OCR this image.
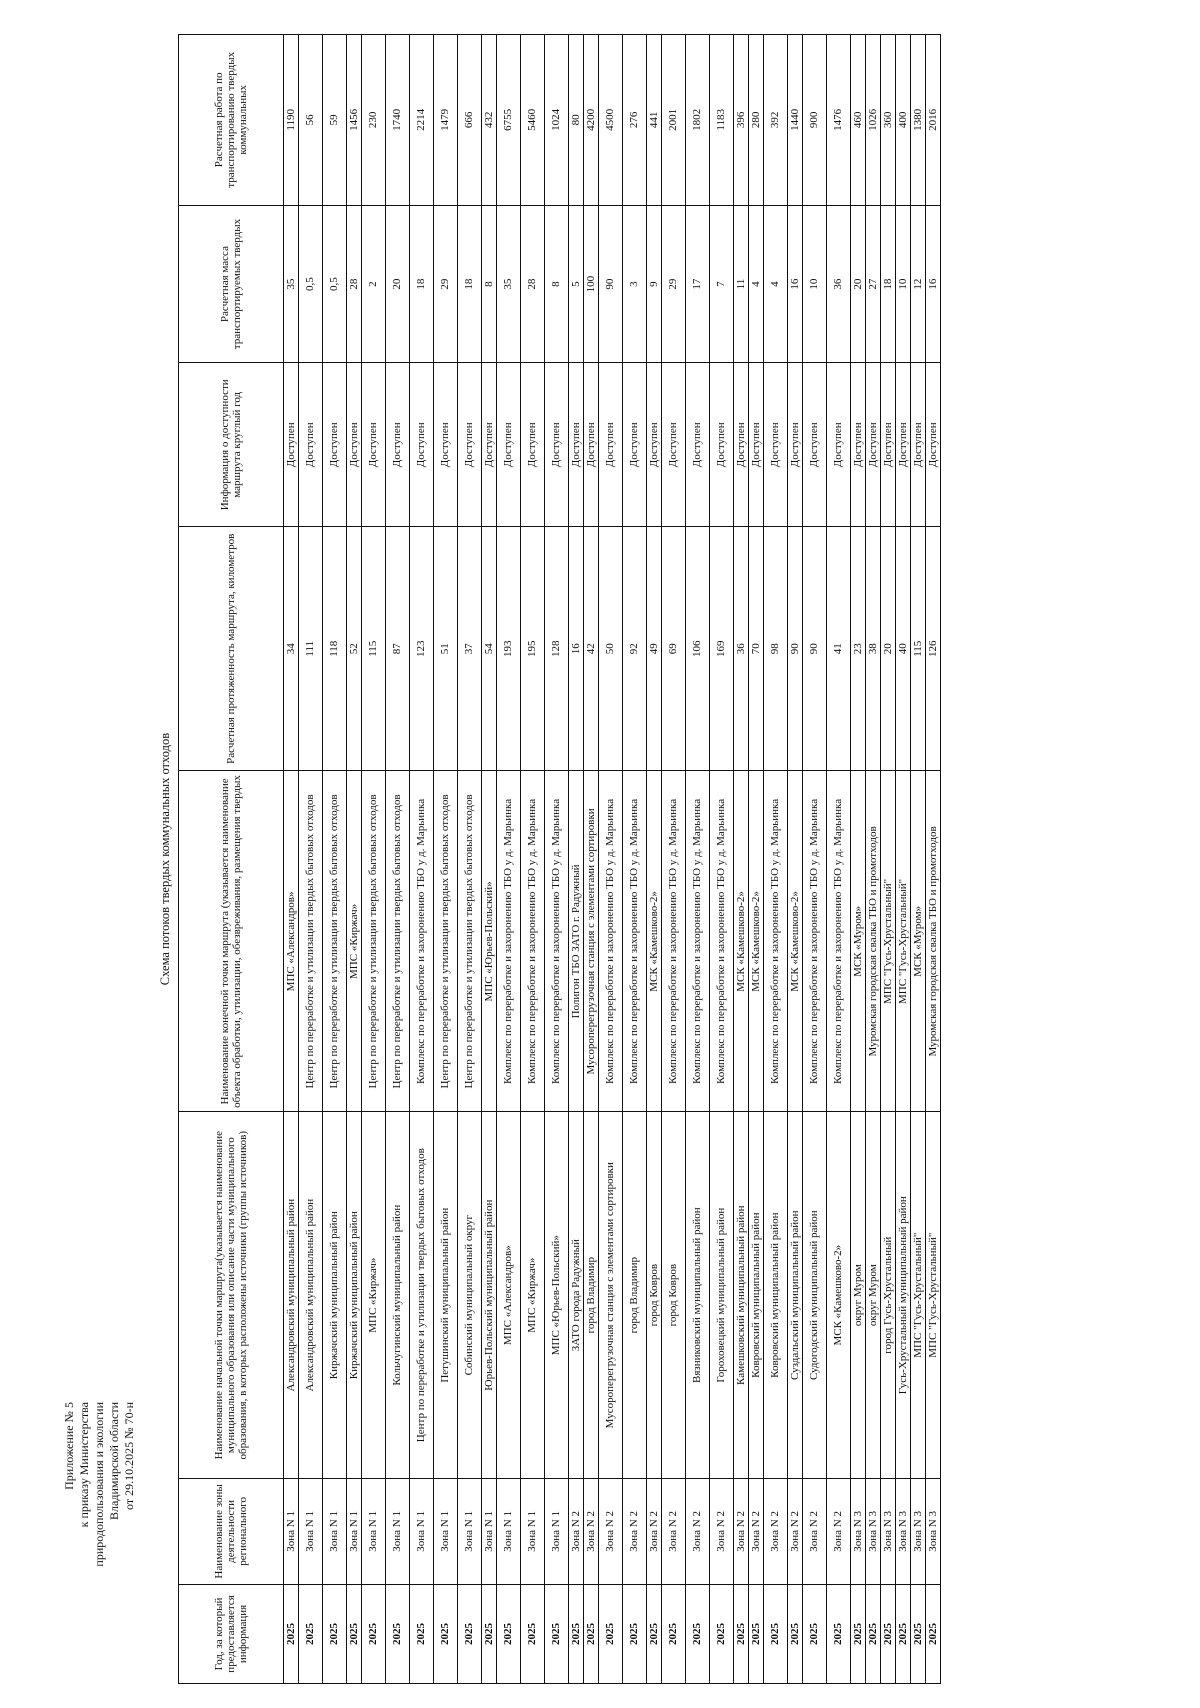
Приложение № 5 к приказу Министерства природопользования и экологии Владимирской области от 29.10.2025 № 70-н
Схема потоков твердых коммунальных отходов
Год, за который предоставляется информация	Наименование зоны деятельности регионального	Наименование начальной точки маршрута(указывается наименование муниципального образования или описание части муниципального образования, в которых расположены источники (группы источников)	Наименование конечной точки маршрута (указывается наименование объекта обработки, утилизации, обезвреживания, размещения твердых	Расчетная протяженность маршрута, километров	Информация о доступности маршрута круглый год	Расчетная масса транспортируемых твердых	Расчетная работа по транспортированию твердых коммунальных
2025	Зона N 1	Александровский муниципальный район	МПС «Александров»	34	Доступен	35	1190
2025	Зона N 1	Александровский муниципальный район	Центр по переработке и утилизации твердых бытовых отходов	111	Доступен	0,5	56
2025	Зона N 1	Киржачский муниципальный район	Центр по переработке и утилизации твердых бытовых отходов	118	Доступен	0,5	59
2025	Зона N 1	Киржачский муниципальный район	МПС «Киржач»	52	Доступен	28	1456
2025	Зона N 1	МПС «Киржач»	Центр по переработке и утилизации твердых бытовых отходов	115	Доступен	2	230
2025	Зона N 1	Кольчугинский муниципальный район	Центр по переработке и утилизации твердых бытовых отходов	87	Доступен	20	1740
2025	Зона N 1	Центр по переработке и утилизации твердых бытовых отходов	Комплекс по переработке и захоронению ТБО у д. Марьинка	123	Доступен	18	2214
2025	Зона N 1	Петушинский муниципальный район	Центр по переработке и утилизации твердых бытовых отходов	51	Доступен	29	1479
2025	Зона N 1	Собинский муниципальный округ	Центр по переработке и утилизации твердых бытовых отходов	37	Доступен	18	666
2025	Зона N 1	Юрьев-Польский муниципальный район	МПС «Юрьев-Польский»	54	Доступен	8	432
2025	Зона N 1	МПС «Александров»	Комплекс по переработке и захоронению ТБО у д. Марьинка	193	Доступен	35	6755
2025	Зона N 1	МПС «Киржач»	Комплекс по переработке и захоронению ТБО у д. Марьинка	195	Доступен	28	5460
2025	Зона N 1	МПС «Юрьев-Польский»	Комплекс по переработке и захоронению ТБО у д. Марьинка	128	Доступен	8	1024
2025	Зона N 2	ЗАТО города Радужный	Полигон ТБО ЗАТО г. Радужный	16	Доступен	5	80
2025	Зона N 2	город Владимир	Мусороперегрузочная станция с элементами сортировки	42	Доступен	100	4200
2025	Зона N 2	Мусороперегрузочная станция с элементами сортировки	Комплекс по переработке и захоронению ТБО у д. Марьинка	50	Доступен	90	4500
2025	Зона N 2	город Владимир	Комплекс по переработке и захоронению ТБО у д. Марьинка	92	Доступен	3	276
2025	Зона N 2	город Ковров	МСК «Камешково-2»	49	Доступен	9	441
2025	Зона N 2	город Ковров	Комплекс по переработке и захоронению ТБО у д. Марьинка	69	Доступен	29	2001
2025	Зона N 2	Вязниковский муниципальный район	Комплекс по переработке и захоронению ТБО у д. Марьинка	106	Доступен	17	1802
2025	Зона N 2	Гороховецкий муниципальный район	Комплекс по переработке и захоронению ТБО у д. Марьинка	169	Доступен	7	1183
2025	Зона N 2	Камешковский муниципальный район	МСК «Камешково-2»	36	Доступен	11	396
2025	Зона N 2	Ковровский муниципальный район	МСК «Камешково-2»	70	Доступен	4	280
2025	Зона N 2	Ковровский муниципальный район	Комплекс по переработке и захоронению ТБО у д. Марьинка	98	Доступен	4	392
2025	Зона N 2	Суздальский муниципальный район	МСК «Камешково-2»	90	Доступен	16	1440
2025	Зона N 2	Судогодский муниципальный район	Комплекс по переработке и захоронению ТБО у д. Марьинка	90	Доступен	10	900
2025	Зона N 2	МСК «Камешково-2»	Комплекс по переработке и захоронению ТБО у д. Марьинка	41	Доступен	36	1476
2025	Зона N 3	округ Муром	МСК «Муром»	23	Доступен	20	460
2025	Зона N 3	округ Муром	Муромская городская свалка ТБО и промотходов	38	Доступен	27	1026
2025	Зона N 3	город Гусь-Хрустальный	МПС "Гусь-Хрустальный"	20	Доступен	18	360
2025	Зона N 3	Гусь-Хрустальный муниципальный район	МПС "Гусь-Хрустальный"	40	Доступен	10	400
2025	Зона N 3	МПС "Гусь-Хрустальный"	МСК «Муром»	115	Доступен	12	1380
2025	Зона N 3	МПС "Гусь-Хрустальный"	Муромская городская свалка ТБО и промотходов	126	Доступен	16	2016
